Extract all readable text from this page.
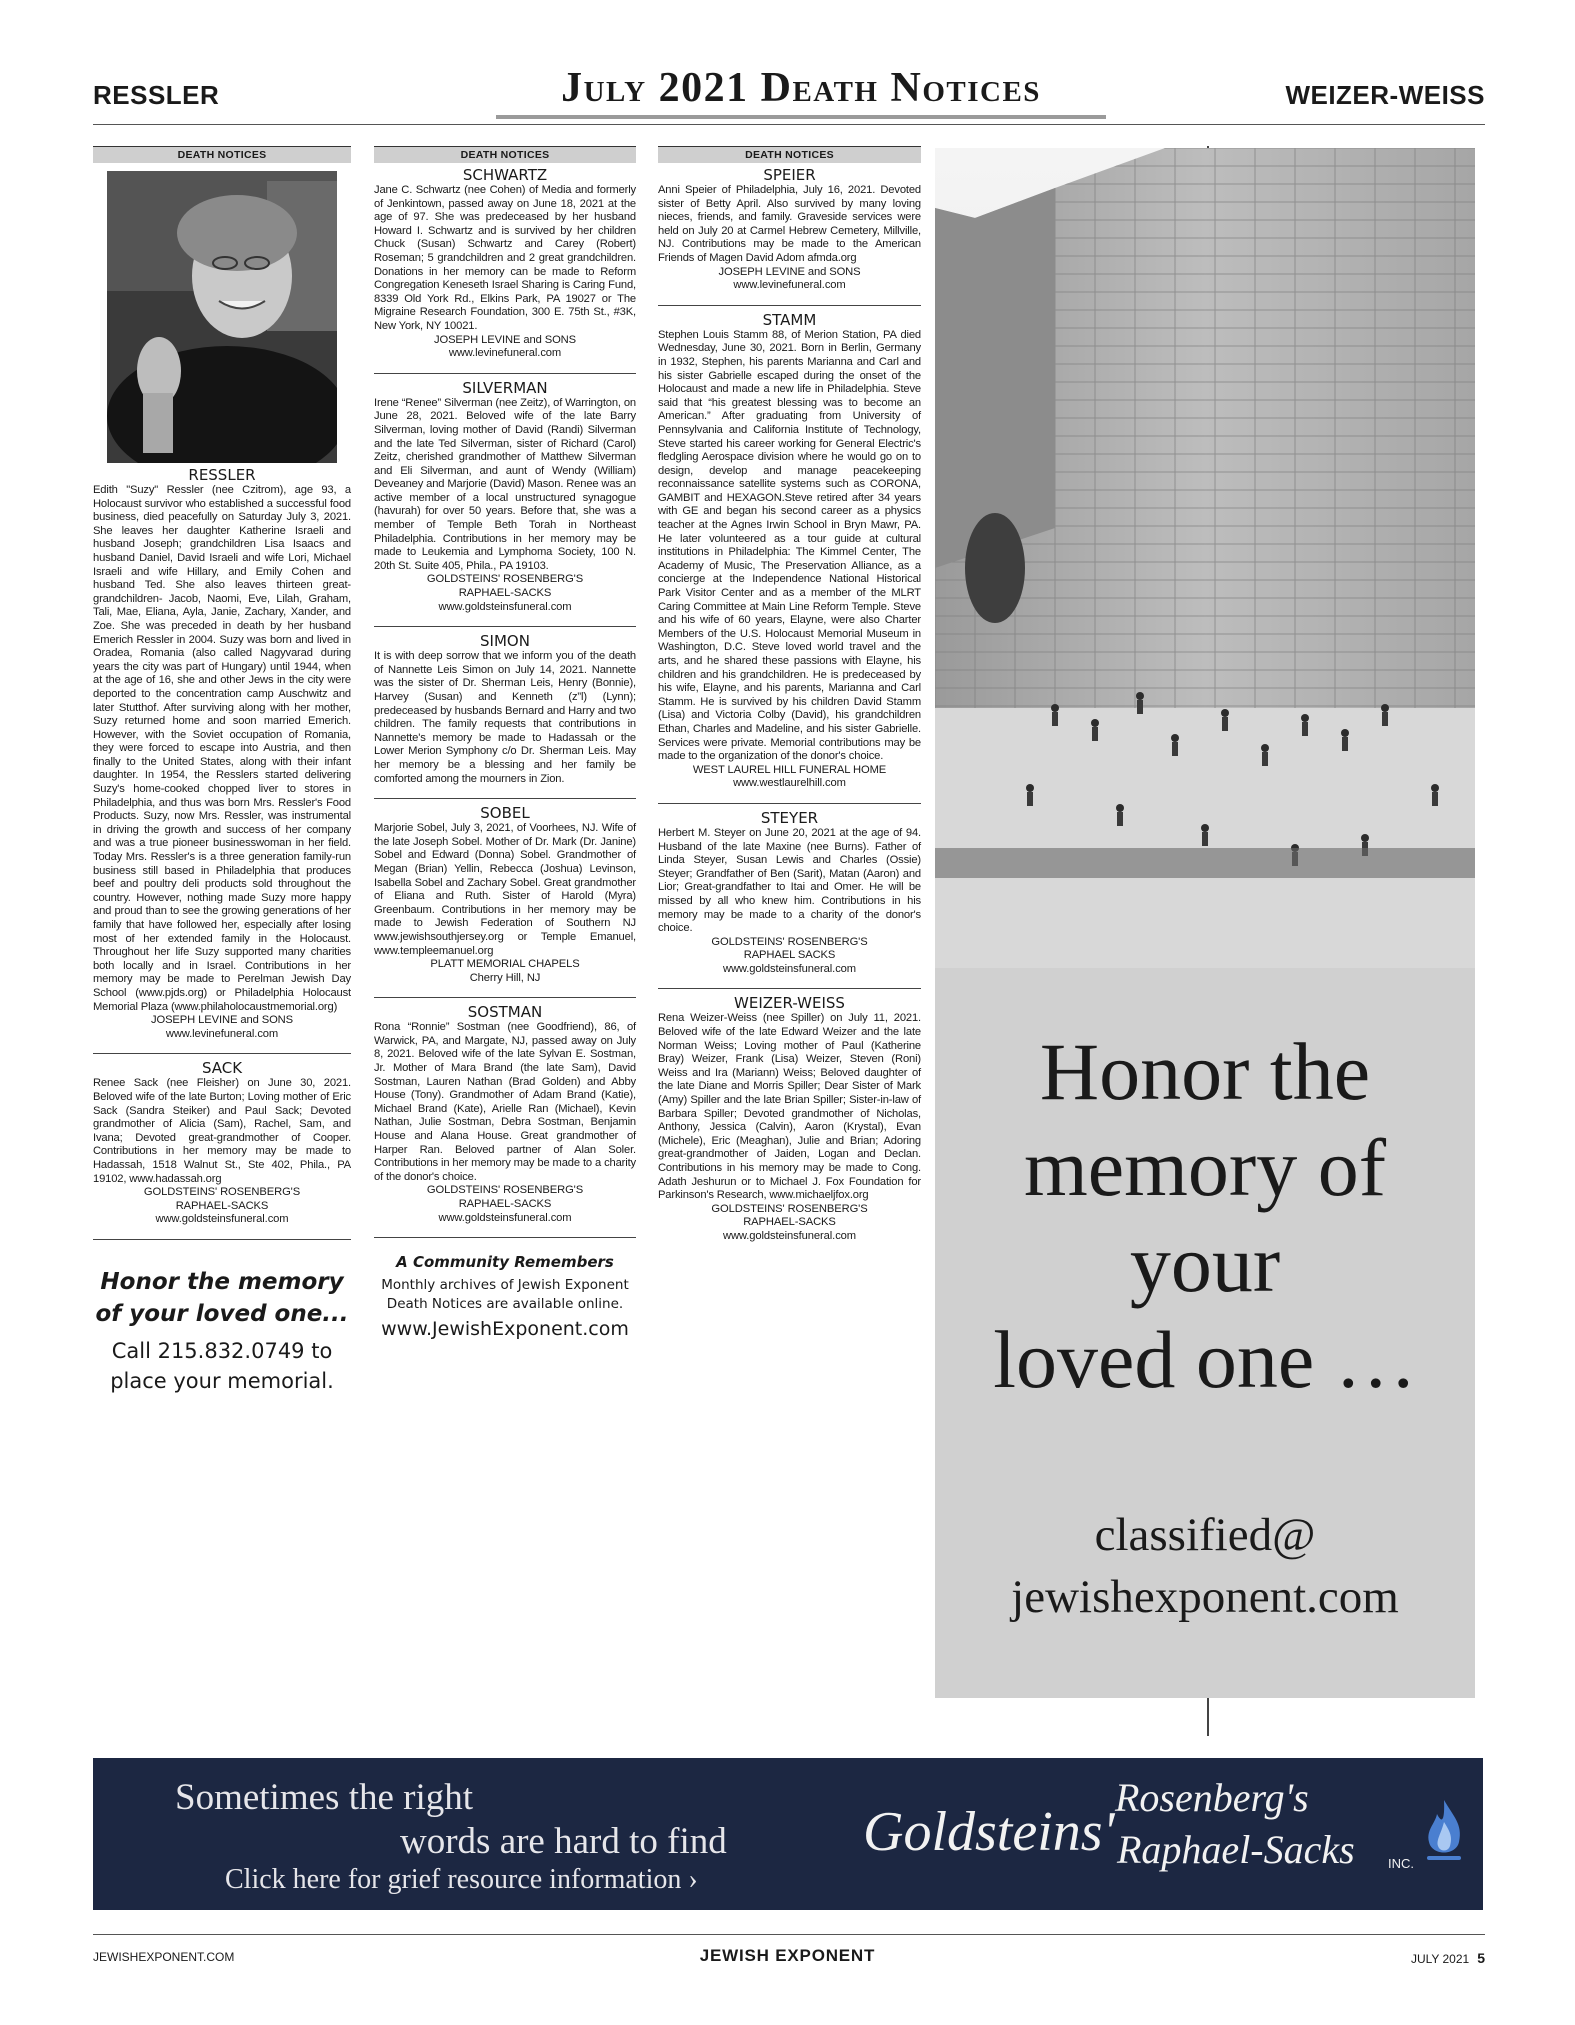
RESSLER	July 2021 Death Notices	WEIZER-WEISS
DEATH NOTICES
RESSLER
Edith "Suzy" Ressler (nee Czitrom), age 93, a Holocaust survivor who established a successful food business, died peacefully on Saturday July 3, 2021. She leaves her daughter Katherine Israeli and husband Joseph; grandchildren Lisa Isaacs and husband Daniel, David Israeli and wife Lori, Michael Israeli and wife Hillary, and Emily Cohen and husband Ted. She also leaves thirteen great-grandchildren- Jacob, Naomi, Eve, Lilah, Graham, Tali, Mae, Eliana, Ayla, Janie, Zachary, Xander, and Zoe. She was preceded in death by her husband Emerich Ressler in 2004. Suzy was born and lived in Oradea, Romania (also called Nagyvarad during years the city was part of Hungary) until 1944, when at the age of 16, she and other Jews in the city were deported to the concentration camp Auschwitz and later Stutthof. After surviving along with her mother, Suzy returned home and soon married Emerich. However, with the Soviet occupation of Romania, they were forced to escape into Austria, and then finally to the United States, along with their infant daughter. In 1954, the Resslers started delivering Suzy's home-cooked chopped liver to stores in Philadelphia, and thus was born Mrs. Ressler's Food Products. Suzy, now Mrs. Ressler, was instrumental in driving the growth and success of her company and was a true pioneer businesswoman in her field. Today Mrs. Ressler's is a three generation family-run business still based in Philadelphia that produces beef and poultry deli products sold throughout the country. However, nothing made Suzy more happy and proud than to see the growing generations of her family that have followed her, especially after losing most of her extended family in the Holocaust. Throughout her life Suzy supported many charities both locally and in Israel. Contributions in her memory may be made to Perelman Jewish Day School (www.pjds.org) or Philadelphia Holocaust Memorial Plaza (www.philaholocaustmemorial.org)
JOSEPH LEVINE and SONS
www.levinefuneral.com
SACK
Renee Sack (nee Fleisher) on June 30, 2021. Beloved wife of the late Burton; Loving mother of Eric Sack (Sandra Steiker) and Paul Sack; Devoted grandmother of Alicia (Sam), Rachel, Sam, and Ivana; Devoted great-grandmother of Cooper. Contributions in her memory may be made to Hadassah, 1518 Walnut St., Ste 402, Phila., PA 19102, www.hadassah.org
GOLDSTEINS' ROSENBERG'S
RAPHAEL-SACKS
www.goldsteinsfuneral.com
Honor the memory
of your loved one...
Call 215.832.0749 to
place your memorial.
DEATH NOTICES
SCHWARTZ
Jane C. Schwartz (nee Cohen) of Media and formerly of Jenkintown, passed away on June 18, 2021 at the age of 97. She was predeceased by her husband Howard I. Schwartz and is survived by her children Chuck (Susan) Schwartz and Carey (Robert) Roseman; 5 grandchildren and 2 great grandchildren. Donations in her memory can be made to Reform Congregation Keneseth Israel Sharing is Caring Fund, 8339 Old York Rd., Elkins Park, PA 19027 or The Migraine Research Foundation, 300 E. 75th St., #3K, New York, NY 10021.
JOSEPH LEVINE and SONS
www.levinefuneral.com
SILVERMAN
Irene “Renee” Silverman (nee Zeitz), of Warrington, on June 28, 2021. Beloved wife of the late Barry Silverman, loving mother of David (Randi) Silverman and the late Ted Silverman, sister of Richard (Carol) Zeitz, cherished grandmother of Matthew Silverman and Eli Silverman, and aunt of Wendy (William) Deveaney and Marjorie (David) Mason. Renee was an active member of a local unstructured synagogue (havurah) for over 50 years. Before that, she was a member of Temple Beth Torah in Northeast Philadelphia. Contributions in her memory may be made to Leukemia and Lymphoma Society, 100 N. 20th St. Suite 405, Phila., PA 19103.
GOLDSTEINS' ROSENBERG'S
RAPHAEL-SACKS
www.goldsteinsfuneral.com
SIMON
It is with deep sorrow that we inform you of the death of Nannette Leis Simon on July 14, 2021. Nannette was the sister of Dr. Sherman Leis, Henry (Bonnie), Harvey (Susan) and Kenneth (z”l) (Lynn); predeceased by husbands Bernard and Harry and two children. The family requests that contributions in Nannette's memory be made to Hadassah or the Lower Merion Symphony c/o Dr. Sherman Leis. May her memory be a blessing and her family be comforted among the mourners in Zion.
SOBEL
Marjorie Sobel, July 3, 2021, of Voorhees, NJ. Wife of the late Joseph Sobel. Mother of Dr. Mark (Dr. Janine) Sobel and Edward (Donna) Sobel. Grandmother of Megan (Brian) Yellin, Rebecca (Joshua) Levinson, Isabella Sobel and Zachary Sobel. Great grandmother of Eliana and Ruth. Sister of Harold (Myra) Greenbaum. Contributions in her memory may be made to Jewish Federation of Southern NJ www.jewishsouthjersey.org or Temple Emanuel, www.templeemanuel.org
PLATT MEMORIAL CHAPELS
Cherry Hill, NJ
SOSTMAN
Rona “Ronnie” Sostman (nee Goodfriend), 86, of Warwick, PA, and Margate, NJ, passed away on July 8, 2021. Beloved wife of the late Sylvan E. Sostman, Jr. Mother of Mara Brand (the late Sam), David Sostman, Lauren Nathan (Brad Golden) and Abby House (Tony). Grandmother of Adam Brand (Katie), Michael Brand (Kate), Arielle Ran (Michael), Kevin Nathan, Julie Sostman, Debra Sostman, Benjamin House and Alana House. Great grandmother of Harper Ran. Beloved partner of Alan Soler. Contributions in her memory may be made to a charity of the donor's choice.
GOLDSTEINS' ROSENBERG'S
RAPHAEL-SACKS
www.goldsteinsfuneral.com
A Community Remembers
Monthly archives of Jewish Exponent
Death Notices are available online.
www.JewishExponent.com
DEATH NOTICES
SPEIER
Anni Speier of Philadelphia, July 16, 2021. Devoted sister of Betty April. Also survived by many loving nieces, friends, and family. Graveside services were held on July 20 at Carmel Hebrew Cemetery, Millville, NJ. Contributions may be made to the American Friends of Magen David Adom afmda.org
JOSEPH LEVINE and SONS
www.levinefuneral.com
STAMM
Stephen Louis Stamm 88, of Merion Station, PA died Wednesday, June 30, 2021. Born in Berlin, Germany in 1932, Stephen, his parents Marianna and Carl and his sister Gabrielle escaped during the onset of the Holocaust and made a new life in Philadelphia. Steve said that “his greatest blessing was to become an American.” After graduating from University of Pennsylvania and California Institute of Technology, Steve started his career working for General Electric's fledgling Aerospace division where he would go on to design, develop and manage peacekeeping reconnaissance satellite systems such as CORONA, GAMBIT and HEXAGON.Steve retired after 34 years with GE and began his second career as a physics teacher at the Agnes Irwin School in Bryn Mawr, PA. He later volunteered as a tour guide at cultural institutions in Philadelphia: The Kimmel Center, The Academy of Music, The Preservation Alliance, as a concierge at the Independence National Historical Park Visitor Center and as a member of the MLRT Caring Committee at Main Line Reform Temple. Steve and his wife of 60 years, Elayne, were also Charter Members of the U.S. Holocaust Memorial Museum in Washington, D.C. Steve loved world travel and the arts, and he shared these passions with Elayne, his children and his grandchildren. He is predeceased by his wife, Elayne, and his parents, Marianna and Carl Stamm. He is survived by his children David Stamm (Lisa) and Victoria Colby (David), his grandchildren Ethan, Charles and Madeline, and his sister Gabrielle. Services were private. Memorial contributions may be made to the organization of the donor's choice.
WEST LAUREL HILL FUNERAL HOME
www.westlaurelhill.com
STEYER
Herbert M. Steyer on June 20, 2021 at the age of 94. Husband of the late Maxine (nee Burns). Father of Linda Steyer, Susan Lewis and Charles (Ossie) Steyer; Grandfather of Ben (Sarit), Matan (Aaron) and Lior; Great-grandfather to Itai and Omer. He will be missed by all who knew him. Contributions in his memory may be made to a charity of the donor's choice.
GOLDSTEINS' ROSENBERG'S
RAPHAEL SACKS
www.goldsteinsfuneral.com
WEIZER-WEISS
Rena Weizer-Weiss (nee Spiller) on July 11, 2021. Beloved wife of the late Edward Weizer and the late Norman Weiss; Loving mother of Paul (Katherine Bray) Weizer, Frank (Lisa) Weizer, Steven (Roni) Weiss and Ira (Mariann) Weiss; Beloved daughter of the late Diane and Morris Spiller; Dear Sister of Mark (Amy) Spiller and the late Brian Spiller; Sister-in-law of Barbara Spiller; Devoted grandmother of Nicholas, Anthony, Jessica (Calvin), Aaron (Krystal), Evan (Michele), Eric (Meaghan), Julie and Brian; Adoring great-grandmother of Jaiden, Logan and Declan. Contributions in his memory may be made to Cong. Adath Jeshurun or to Michael J. Fox Foundation for Parkinson's Research, www.michaeljfox.org
GOLDSTEINS' ROSENBERG'S
RAPHAEL-SACKS
www.goldsteinsfuneral.com
Honor the
memory of
your
loved one …
classified@
jewishexponent.com
Sometimes the right
words are hard to find
Click here for grief resource information ›
Goldsteins'
Rosenberg's
Raphael-Sacks	INC.
JEWISHEXPONENT.COM	JEWISH EXPONENT	JULY 2021 5
